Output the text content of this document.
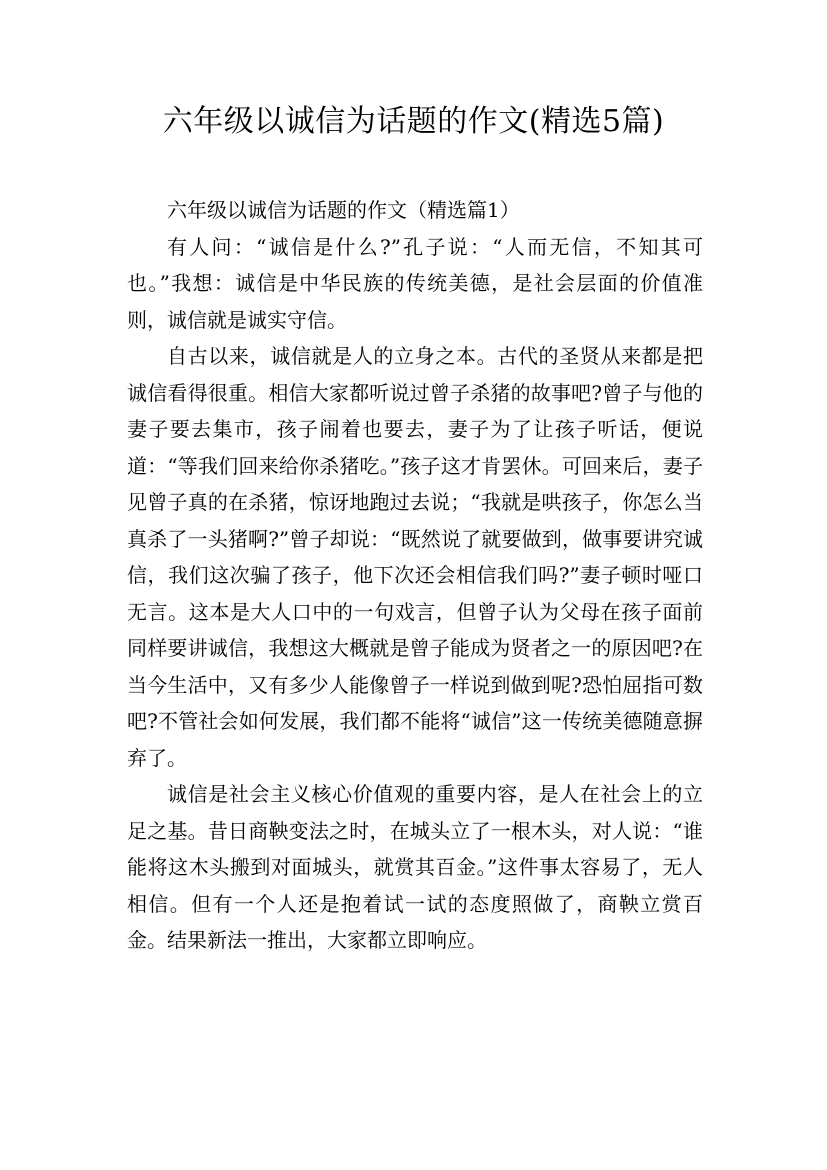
六年级以诚信为话题的作文(精选5篇)

六年级以诚信为话题的作文（精选篇1）

有人问：“诚信是什么?”孔子说：“人而无信，不知其可也。”我想：诚信是中华民族的传统美德，是社会层面的价值准则，诚信就是诚实守信。

自古以来，诚信就是人的立身之本。古代的圣贤从来都是把诚信看得很重。相信大家都听说过曾子杀猪的故事吧?曾子与他的妻子要去集市，孩子闹着也要去，妻子为了让孩子听话，便说道：“等我们回来给你杀猪吃。”孩子这才肯罢休。可回来后，妻子见曾子真的在杀猪，惊讶地跑过去说；“我就是哄孩子，你怎么当真杀了一头猪啊?”曾子却说：“既然说了就要做到，做事要讲究诚信，我们这次骗了孩子，他下次还会相信我们吗?”妻子顿时哑口无言。这本是大人口中的一句戏言，但曾子认为父母在孩子面前同样要讲诚信，我想这大概就是曾子能成为贤者之一的原因吧?在当今生活中，又有多少人能像曾子一样说到做到呢?恐怕屈指可数吧?不管社会如何发展，我们都不能将“诚信”这一传统美德随意摒弃了。

诚信是社会主义核心价值观的重要内容，是人在社会上的立足之基。昔日商鞅变法之时，在城头立了一根木头，对人说：“谁能将这木头搬到对面城头，就赏其百金。”这件事太容易了，无人相信。但有一个人还是抱着试一试的态度照做了，商鞅立赏百金。结果新法一推出，大家都立即响应。
